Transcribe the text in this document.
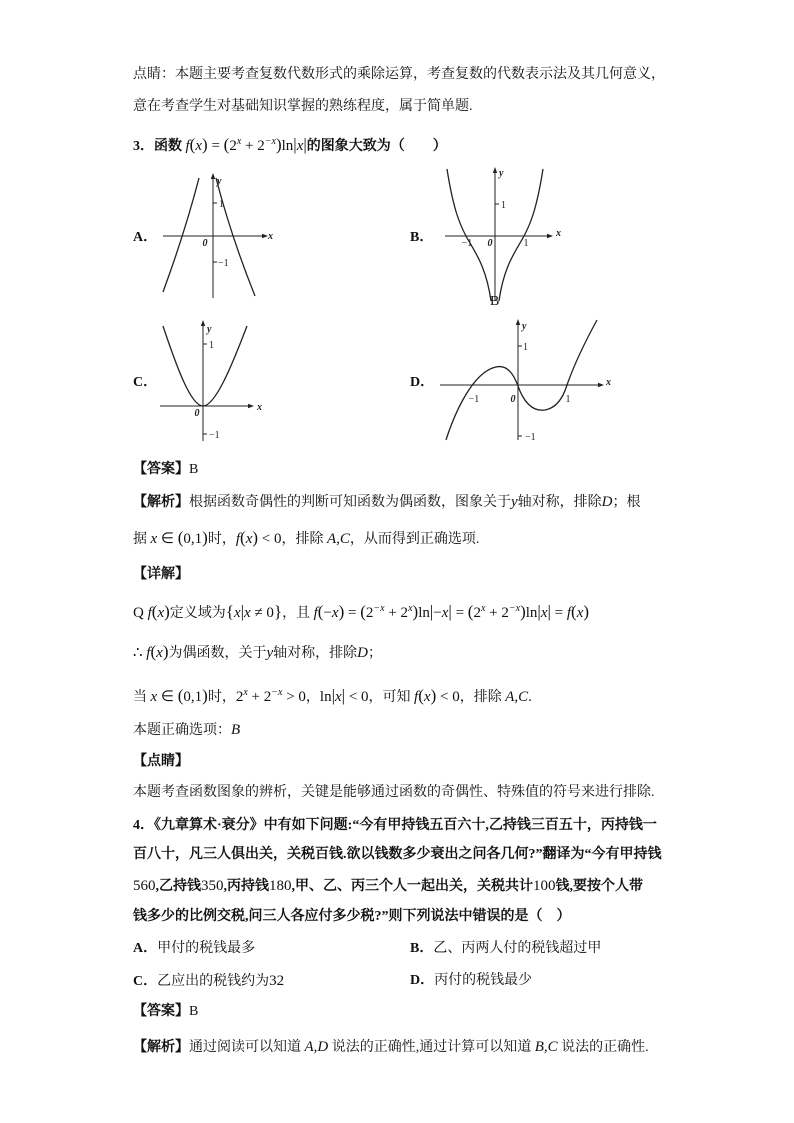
点睛：本题主要考查复数代数形式的乘除运算，考查复数的代数表示法及其几何意义，
意在考查学生对基础知识掌握的熟练程度，属于简单题.
3．函数 $f(x) = (2^x + 2^{-x})\ln|x|$的图象大致为（　　）
A．
y
x
0
1
−1
B．
y
x
0
1
−1	1
B
C．
y
x
0
1
−1
D．
y
x
0
1
−1	1
−1
【答案】B
【解析】根据函数奇偶性的判断可知函数为偶函数，图象关于y轴对称，排除D；根
据 x ∈ (0,1)时，f(x) < 0，排除 A,C，从而得到正确选项.
【详解】
Q f(x)定义域为{x|x ≠ 0}，且 $f(-x) = (2^{-x} + 2^x)\ln|-x| = (2^x + 2^{-x})\ln|x| = f(x)$
∴ f(x)为偶函数，关于y轴对称，排除D；
当 x ∈ (0,1)时，$2^x + 2^{-x} > 0$，ln|x| < 0，可知 f(x) < 0，排除 A,C.
本题正确选项：B
【点睛】
本题考查函数图象的辨析，关键是能够通过函数的奇偶性、特殊值的符号来进行排除.
4．《九章算术·衰分》中有如下问题:“今有甲持钱五百六十,乙持钱三百五十，丙持钱一
百八十，凡三人俱出关，关税百钱.欲以钱数多少衰出之问各几何?”翻译为“今有甲持钱
560,乙持钱350,丙持钱180,甲、乙、丙三个人一起出关，关税共计100钱,要按个人带
钱多少的比例交税,问三人各应付多少税?”则下列说法中错误的是（　）
A．甲付的税钱最多	B．乙、丙两人付的税钱超过甲
C．乙应出的税钱约为32	D．丙付的税钱最少
【答案】B
【解析】通过阅读可以知道 A,D 说法的正确性,通过计算可以知道 B,C 说法的正确性.
